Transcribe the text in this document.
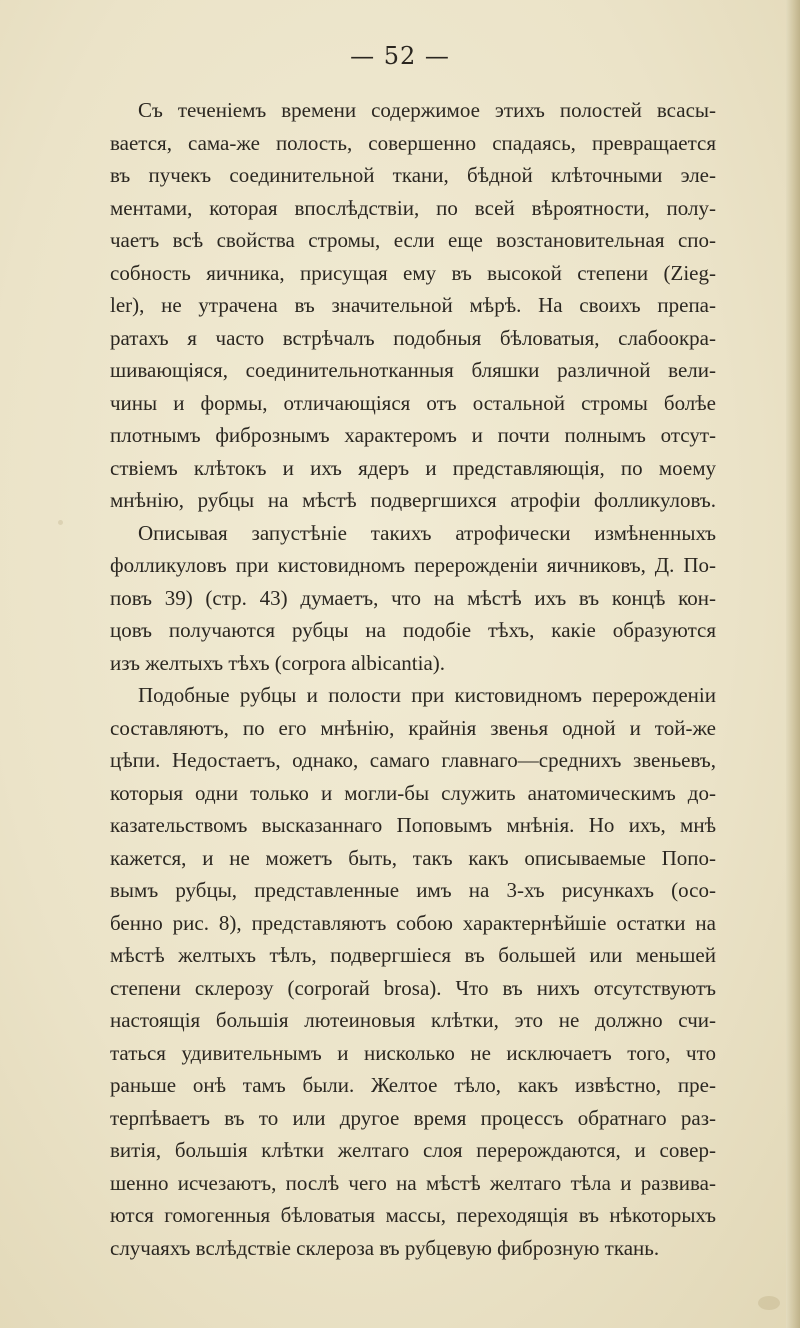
— 52 —
Съ теченіемъ времени содержимое этихъ полостей всасы-
вается, сама-же полость, совершенно спадаясь, превращается
въ пучекъ соединительной ткани, бѣдной клѣточными эле-
ментами, которая впослѣдствіи, по всей вѣроятности, полу-
чаетъ всѣ свойства стромы, если еще возстановительная спо-
собность яичника, присущая ему въ высокой степени (Zieg-
ler), не утрачена въ значительной мѣрѣ. На своихъ препа-
ратахъ я часто встрѣчалъ подобныя бѣловатыя, слабоокра-
шивающіяся, соединительнотканныя бляшки различной вели-
чины и формы, отличающіяся отъ остальной стромы болѣе
плотнымъ фибрознымъ характеромъ и почти полнымъ отсут-
ствіемъ клѣтокъ и ихъ ядеръ и представляющія, по моему
мнѣнію, рубцы на мѣстѣ подвергшихся атрофіи фолликуловъ.
Описывая запустѣніе такихъ атрофически измѣненныхъ
фолликуловъ при кистовидномъ перерожденіи яичниковъ, Д. По-
повъ 39) (стр. 43) думаетъ, что на мѣстѣ ихъ въ концѣ кон-
цовъ получаются рубцы на подобіе тѣхъ, какіе образуются
изъ желтыхъ тѣхъ (corpora albicantia).
Подобные рубцы и полости при кистовидномъ перерожденіи
составляютъ, по его мнѣнію, крайнія звенья одной и той-же
цѣпи. Недостаетъ, однако, самаго главнаго—среднихъ звеньевъ,
которыя одни только и могли-бы служить анатомическимъ до-
казательствомъ высказаннаго Поповымъ мнѣнія. Но ихъ, мнѣ
кажется, и не можетъ быть, такъ какъ описываемые Попо-
вымъ рубцы, представленные имъ на 3-хъ рисункахъ (осо-
бенно рис. 8), представляютъ собою характернѣйшіе остатки на
мѣстѣ желтыхъ тѣлъ, подвергшіеся въ большей или меньшей
степени склерозу (corporaй brosa). Что въ нихъ отсутствуютъ
настоящія большія лютеиновыя клѣтки, это не должно счи-
таться удивительнымъ и нисколько не исключаетъ того, что
раньше онѣ тамъ были. Желтое тѣло, какъ извѣстно, пре-
терпѣваетъ въ то или другое время процессъ обратнаго раз-
витія, большія клѣтки желтаго слоя перерождаются, и совер-
шенно исчезаютъ, послѣ чего на мѣстѣ желтаго тѣла и развива-
ются гомогенныя бѣловатыя массы, переходящія въ нѣкоторыхъ
случаяхъ вслѣдствіе склероза въ рубцевую фиброзную ткань.
